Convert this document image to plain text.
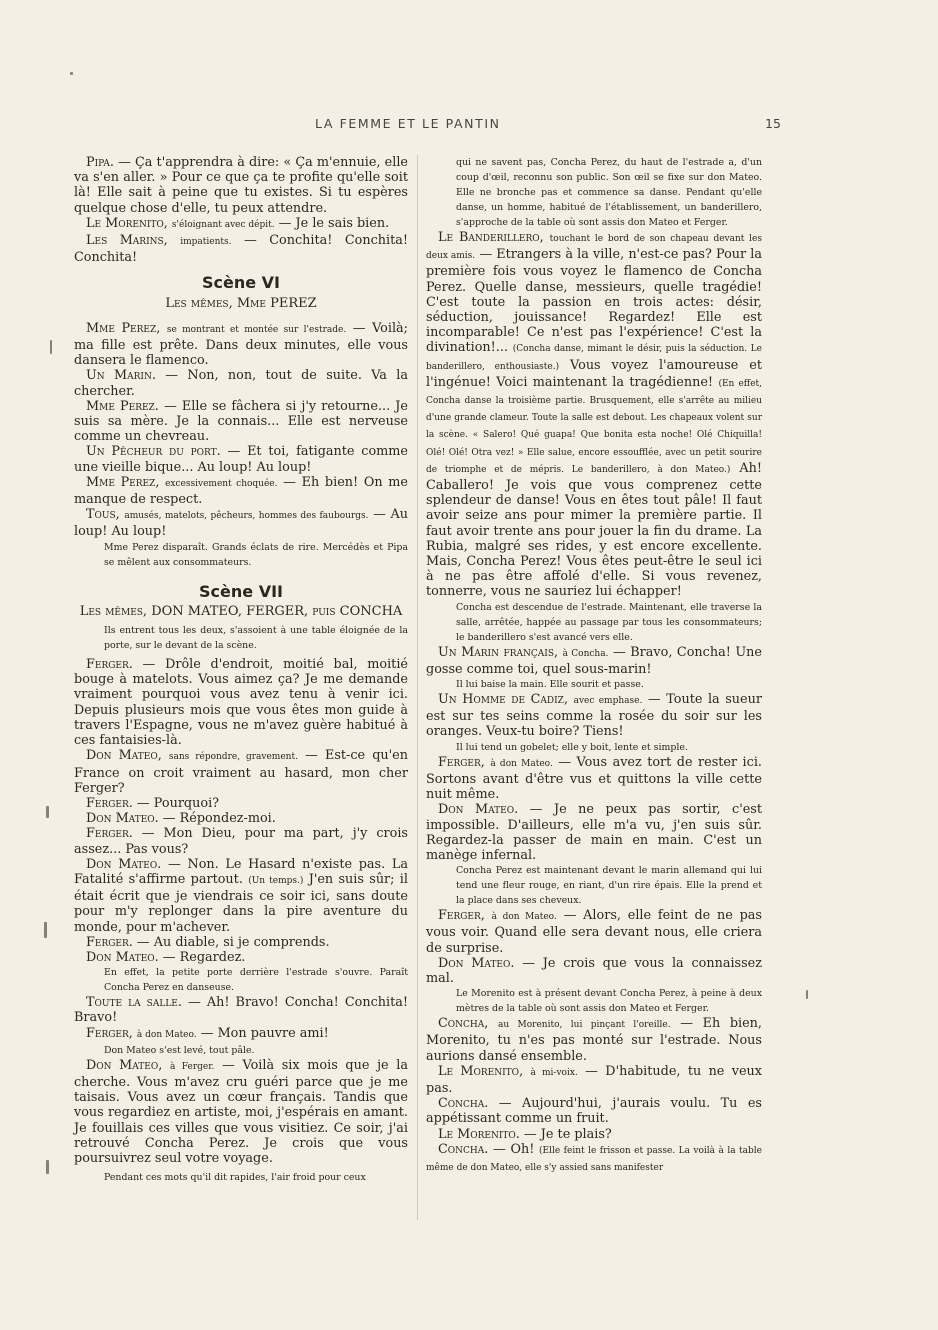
LA FEMME ET LE PANTIN	15

Pipa. — Ça t'apprendra à dire: « Ça m'ennuie, elle va s'en aller. » Pour ce que ça te profite qu'elle soit là! Elle sait à peine que tu existes. Si tu espères quelque chose d'elle, tu peux attendre.

Le Morenito, s'éloignant avec dépit. — Je le sais bien.

Les Marins, impatients. — Conchita! Conchita! Conchita!

Scène VI
Les mêmes, Mme PEREZ

Mme Perez, se montrant et montée sur l'estrade. — Voilà; ma fille est prête. Dans deux minutes, elle vous dansera le flamenco.

Un Marin. — Non, non, tout de suite. Va la chercher.

Mme Perez. — Elle se fâchera si j'y retourne... Je suis sa mère. Je la connais... Elle est nerveuse comme un chevreau.

Un Pêcheur du port. — Et toi, fatigante comme une vieille bique... Au loup! Au loup!

Mme Perez, excessivement choquée. — Eh bien! On me manque de respect.

Tous, amusés, matelots, pêcheurs, hommes des faubourgs. — Au loup! Au loup!

Mme Perez disparaît. Grands éclats de rire. Mercédès et Pipa se mêlent aux consommateurs.

Scène VII
Les mêmes, DON MATEO, FERGER, puis CONCHA

Ils entrent tous les deux, s'assoient à une table éloignée de la porte, sur le devant de la scène.

Ferger. — Drôle d'endroit, moitié bal, moitié bouge à matelots. Vous aimez ça? Je me demande vraiment pourquoi vous avez tenu à venir ici. Depuis plusieurs mois que vous êtes mon guide à travers l'Espagne, vous ne m'avez guère habitué à ces fantaisies-là.

Don Mateo, sans répondre, gravement. — Est-ce qu'en France on croit vraiment au hasard, mon cher Ferger?

Ferger. — Pourquoi?

Don Mateo. — Répondez-moi.

Ferger. — Mon Dieu, pour ma part, j'y crois assez... Pas vous?

Don Mateo. — Non. Le Hasard n'existe pas. La Fatalité s'affirme partout. (Un temps.) J'en suis sûr; il était écrit que je viendrais ce soir ici, sans doute pour m'y replonger dans la pire aventure du monde, pour m'achever.

Ferger. — Au diable, si je comprends.

Don Mateo. — Regardez.

En effet, la petite porte derrière l'estrade s'ouvre. Paraît Concha Perez en danseuse.

Toute la salle. — Ah! Bravo! Concha! Conchita! Bravo!

Ferger, à don Mateo. — Mon pauvre ami!

Don Mateo s'est levé, tout pâle.

Don Mateo, à Ferger. — Voilà six mois que je la cherche. Vous m'avez cru guéri parce que je me taisais. Vous avez un cœur français. Tandis que vous regardiez en artiste, moi, j'espérais en amant. Je fouillais ces villes que vous visitiez. Ce soir, j'ai retrouvé Concha Perez. Je crois que vous poursuivrez seul votre voyage.

Pendant ces mots qu'il dit rapides, l'air froid pour ceux

qui ne savent pas, Concha Perez, du haut de l'estrade a, d'un coup d'œil, reconnu son public. Son œil se fixe sur don Mateo. Elle ne bronche pas et commence sa danse. Pendant qu'elle danse, un homme, habitué de l'établissement, un banderillero, s'approche de la table où sont assis don Mateo et Ferger.

Le Banderillero, touchant le bord de son chapeau devant les deux amis. — Etrangers à la ville, n'est-ce pas? Pour la première fois vous voyez le flamenco de Concha Perez. Quelle danse, messieurs, quelle tragédie! C'est toute la passion en trois actes: désir, séduction, jouissance! Regardez! Elle est incomparable! Ce n'est pas l'expérience! C'est la divination!... (Concha danse, mimant le désir, puis la séduction. Le banderillero, enthousiaste.) Vous voyez l'amoureuse et l'ingénue! Voici maintenant la tragédienne! (En effet, Concha danse la troisième partie. Brusquement, elle s'arrête au milieu d'une grande clameur. Toute la salle est debout. Les chapeaux volent sur la scène. « Salero! Qué guapa! Que bonita esta noche! Olé Chiquilla! Olé! Olé! Otra vez! » Elle salue, encore essoufflée, avec un petit sourire de triomphe et de mépris. Le banderillero, à don Mateo.) Ah! Caballero! Je vois que vous comprenez cette splendeur de danse! Vous en êtes tout pâle! Il faut avoir seize ans pour mimer la première partie. Il faut avoir trente ans pour jouer la fin du drame. La Rubia, malgré ses rides, y est encore excellente. Mais, Concha Perez! Vous êtes peut-être le seul ici à ne pas être affolé d'elle. Si vous revenez, tonnerre, vous ne sauriez lui échapper!

Concha est descendue de l'estrade. Maintenant, elle traverse la salle, arrêtée, happée au passage par tous les consommateurs; le banderillero s'est avancé vers elle.

Un Marin français, à Concha. — Bravo, Concha! Une gosse comme toi, quel sous-marin!

Il lui baise la main. Elle sourit et passe.

Un Homme de Cadiz, avec emphase. — Toute la sueur est sur tes seins comme la rosée du soir sur les oranges. Veux-tu boire? Tiens!

Il lui tend un gobelet; elle y boit, lente et simple.

Ferger, à don Mateo. — Vous avez tort de rester ici. Sortons avant d'être vus et quittons la ville cette nuit même.

Don Mateo. — Je ne peux pas sortir, c'est impossible. D'ailleurs, elle m'a vu, j'en suis sûr. Regardez-la passer de main en main. C'est un manège infernal.

Concha Perez est maintenant devant le marin allemand qui lui tend une fleur rouge, en riant, d'un rire épais. Elle la prend et la place dans ses cheveux.

Ferger, à don Mateo. — Alors, elle feint de ne pas vous voir. Quand elle sera devant nous, elle criera de surprise.

Don Mateo. — Je crois que vous la connaissez mal.

Le Morenito est à présent devant Concha Perez, à peine à deux mètres de la table où sont assis don Mateo et Ferger.

Concha, au Morenito, lui pinçant l'oreille. — Eh bien, Morenito, tu n'es pas monté sur l'estrade. Nous aurions dansé ensemble.

Le Morenito, à mi-voix. — D'habitude, tu ne veux pas.

Concha. — Aujourd'hui, j'aurais voulu. Tu es appétissant comme un fruit.

Le Morenito. — Je te plais?

Concha. — Oh! (Elle feint le frisson et passe. La voilà à la table même de don Mateo, elle s'y assied sans manifester
